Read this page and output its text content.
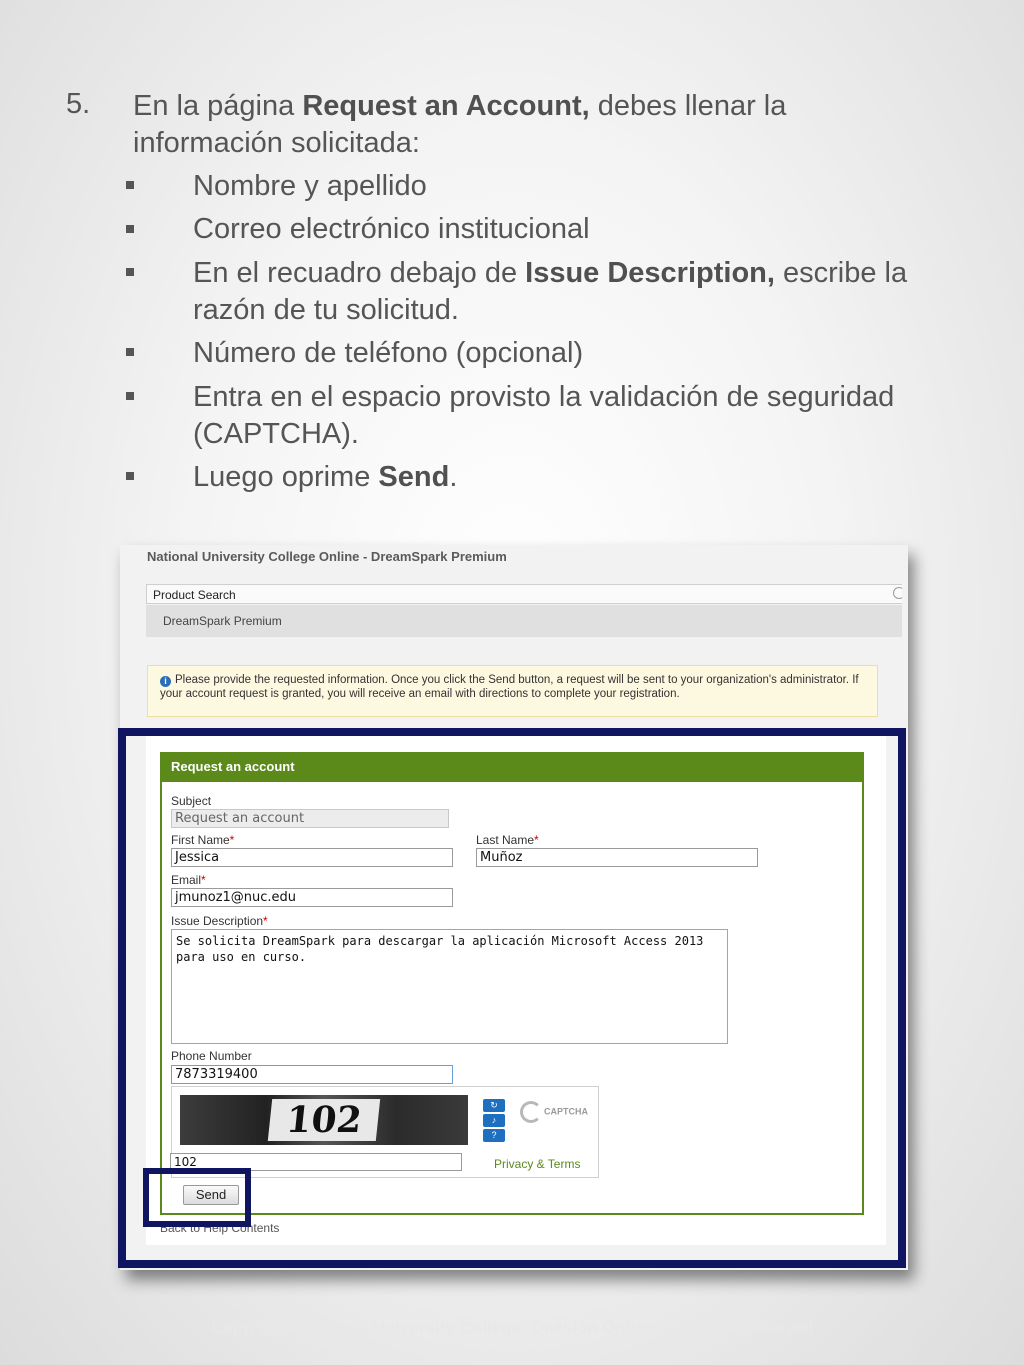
5. En la página Request an Account, debes llenar la información solicitada:
Nombre y apellido
Correo electrónico institucional
En el recuadro debajo de Issue Description, escribe la razón de tu solicitud.
Número de teléfono (opcional)
Entra en el espacio provisto la validación de seguridad (CAPTCHA).
Luego oprime Send.
National University College Online - DreamSpark Premium
Product Search
DreamSpark Premium
i Please provide the requested information. Once you click the Send button, a request will be sent to your organization's administrator. If your account request is granted, you will receive an email with directions to complete your registration.
Request an account
Subject
Request an account
First Name*
Jessica
Last Name*
Muñoz
Email*
jmunoz1@nuc.edu
Issue Description*
Se solicita DreamSpark para descargar la aplicación Microsoft Access 2013
para uso en curso.
Phone Number
7873319400
102	↻
♪
?
CAPTCHA
102	Privacy & Terms
Send
Back to Help Contents
Copyright© National University College- División Online. All Rights Reserved
